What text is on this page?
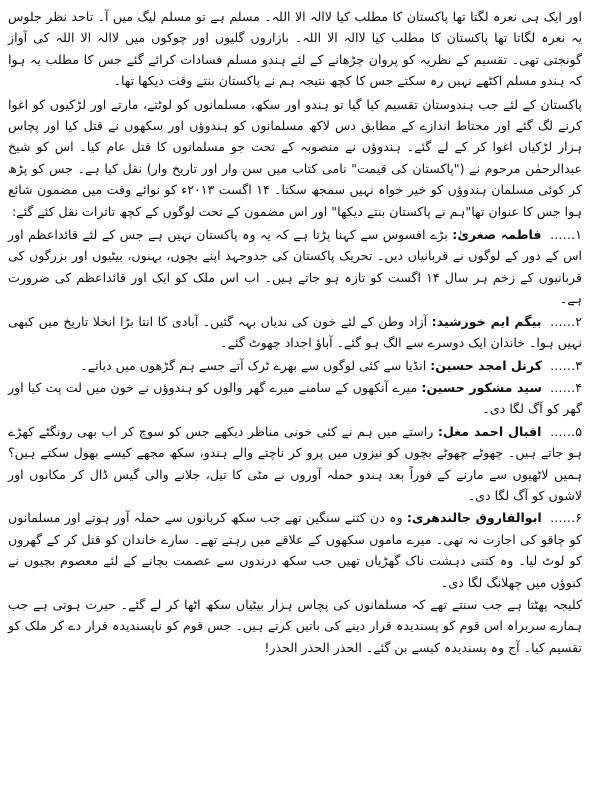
اور ایک ہی نعرہ لگتا تھا پاکستان کا مطلب کیا لاالہ الا اللہ۔ مسلم ہے تو مسلم لیگ میں آ۔ تاحد نظر جلوس یہ نعرہ لگاتا تھا پاکستان کا مطلب کیا لاالہ الا اللہ۔ بازاروں گلیوں اور چوکوں میں لاالہ الا اللہ کی آواز گونجتی تھی۔ تقسیم کے نظریہ کو پروان چڑھانے کے لئے ہندو مسلم فسادات کرائے گئے جس کا مطلب یہ ہوا کہ ہندو مسلم اکٹھے نہیں رہ سکتے جس کا کچھ نتیجہ ہم نے پاکستان بنتے وقت دیکھا تھا۔

پاکستان کے لئے جب ہندوستان تقسیم کیا گیا تو ہندو اور سکھ، مسلمانوں کو لوٹتے، مارتے اور لڑکیوں کو اغوا کرنے لگ گئے اور محتاط اندازے کے مطابق دس لاکھ مسلمانوں کو ہندوؤں اور سکھوں نے قتل کیا اور پچاس ہزار لڑکیاں اغوا کر کے لے گئے۔ ہندوؤں نے منصوبہ کے تحت جو مسلمانوں کا قتل عام کیا۔ اس کو شیخ عبدالرحمٰن مرحوم نے ("پاکستان کی قیمت" نامی کتاب میں سن وار اور تاریخ وار) نقل کیا ہے۔ جس کو پڑھ کر کوئی مسلمان ہندوؤں کو خیر خواہ نہیں سمجھ سکتا۔ ۱۴ اگست ۲۰۱۳ء کو نوائے وقت میں مضمون شائع ہوا جس کا عنوان تھا"ہم نے پاکستان بنتے دیکھا" اور اس مضمون کے تحت لوگوں کے کچھ تاثرات نقل کئے گئے:

۱…… فاطمہ صغریٰ: بڑے افسوس سے کہنا پڑتا ہے کہ یہ وہ پاکستان نہیں ہے جس کے لئے قائداعظم اور اس کے دور کے لوگوں نے قربانیاں دیں۔ تحریک پاکستان کی جدوجہد اپنے بچوں، بہنوں، بیٹیوں اور بزرگوں کی قربانیوں کے زخم ہر سال ۱۴ اگست کو تازہ ہو جاتے ہیں۔ اب اس ملک کو ایک اور قائداعظم کی ضرورت ہے۔

۲…… بیگم ایم خورشید: آزاد وطن کے لئے خون کی ندیاں بہہ گئیں۔ آبادی کا انتا بڑا انخلا تاریخ میں کبھی نہیں ہوا۔ خاندان ایک دوسرے سے الگ ہو گئے۔ آباؤ اجداد چھوٹ گئے۔

۳…… کرنل امجد حسین: انڈیا سے کئی لوگوں سے بھرے ٹرک آتے جسے ہم گڑھوں میں دباتے۔

۴…… سید مشکور حسین: میرے آنکھوں کے سامنے میرے گھر والوں کو ہندوؤں نے خون میں لت پت کیا اور گھر کو آگ لگا دی۔

۵…… اقبال احمد مغل: راستے میں ہم نے کئی خونی مناظر دیکھے جس کو سوچ کر اب بھی رونگٹے کھڑے ہو جاتے ہیں۔ چھوٹے چھوٹے بچوں کو نیزوں میں پرو کر ناچتے والے ہندو، سکھ مجھے کیسے بھول سکتے ہیں؟ ہمیں لاٹھیوں سے مارنے کے فوراً بعد ہندو حملہ آوروں نے مٹی کا تیل، جلانے والی گیس ڈال کر مکانوں اور لاشوں کو آگ لگا دی۔

۶…… ابوالفاروق جالندھری: وہ دن کتنے سنگین تھے جب سکھ کرپانوں سے حملہ آور ہوتے اور مسلمانوں کو چاقو کی اجازت نہ تھی۔ میرے ماموں سکھوں کے علاقے میں رہتے تھے۔ سارے خاندان کو قتل کر کے گھروں کو لوٹ لیا۔ وہ کتنی دہشت ناک گھڑیاں تھیں جب سکھ درندوں سے عصمت بچانے کے لئے معصوم بچیوں نے کنوؤں میں چھلانگ لگا دی۔

کلیجہ پھٹتا ہے جب سنتے تھے کہ مسلمانوں کی پچاس ہزار بیٹیاں سکھ اٹھا کر لے گئے۔ حیرت ہوتی ہے جب ہمارے سربراہ اس قوم کو پسندیدہ قرار دینے کی باتیں کرتے ہیں۔ جس قوم کو ناپسندیدہ قرار دے کر ملک کو تقسیم کیا۔ آج وہ پسندیدہ کیسے بن گئے۔ الحذر الحذر الحذر!
